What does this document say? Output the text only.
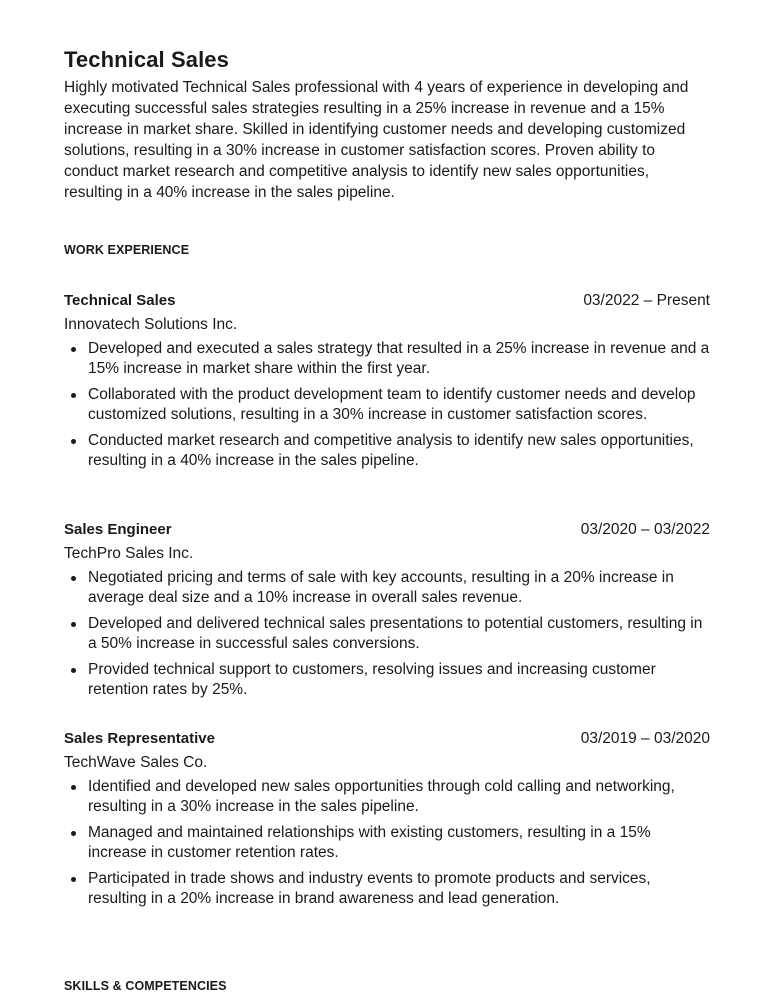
Technical Sales

Highly motivated Technical Sales professional with 4 years of experience in developing and executing successful sales strategies resulting in a 25% increase in revenue and a 15% increase in market share. Skilled in identifying customer needs and developing customized solutions, resulting in a 30% increase in customer satisfaction scores. Proven ability to conduct market research and competitive analysis to identify new sales opportunities, resulting in a 40% increase in the sales pipeline.

WORK EXPERIENCE
Technical Sales	03/2022 – Present
Innovatech Solutions Inc.
Developed and executed a sales strategy that resulted in a 25% increase in revenue and a 15% increase in market share within the first year.
Collaborated with the product development team to identify customer needs and develop customized solutions, resulting in a 30% increase in customer satisfaction scores.
Conducted market research and competitive analysis to identify new sales opportunities, resulting in a 40% increase in the sales pipeline.
Sales Engineer	03/2020 – 03/2022
TechPro Sales Inc.
Negotiated pricing and terms of sale with key accounts, resulting in a 20% increase in average deal size and a 10% increase in overall sales revenue.
Developed and delivered technical sales presentations to potential customers, resulting in a 50% increase in successful sales conversions.
Provided technical support to customers, resolving issues and increasing customer retention rates by 25%.
Sales Representative	03/2019 – 03/2020
TechWave Sales Co.
Identified and developed new sales opportunities through cold calling and networking, resulting in a 30% increase in the sales pipeline.
Managed and maintained relationships with existing customers, resulting in a 15% increase in customer retention rates.
Participated in trade shows and industry events to promote products and services, resulting in a 20% increase in brand awareness and lead generation.
SKILLS & COMPETENCIES
